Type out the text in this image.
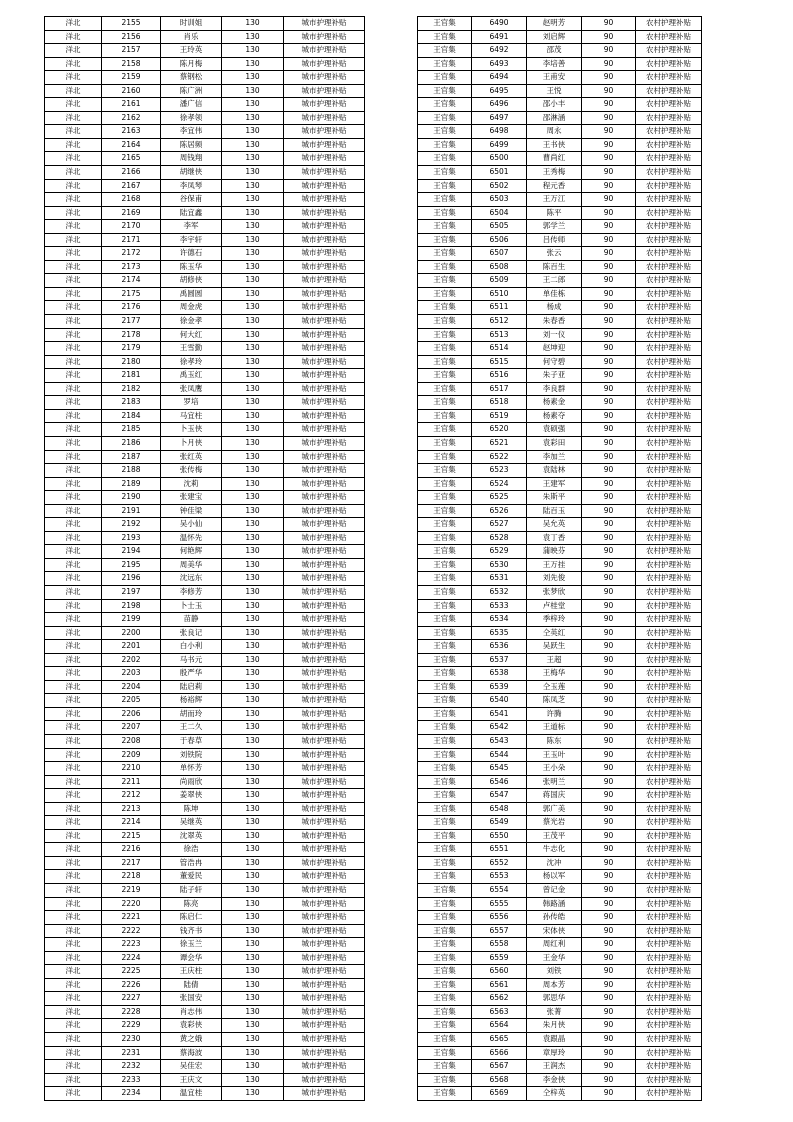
洋北	2155	时训姐	130	城市护理补贴
洋北	2156	肖乐	130	城市护理补贴
洋北	2157	王玲英	130	城市护理补贴
洋北	2158	陈月梅	130	城市护理补贴
洋北	2159	蔡钢松	130	城市护理补贴
洋北	2160	陈广洲	130	城市护理补贴
洋北	2161	潘广信	130	城市护理补贴
洋北	2162	徐孝领	130	城市护理补贴
洋北	2163	李宜伟	130	城市护理补贴
洋北	2164	陈居频	130	城市护理补贴
洋北	2165	周钱翔	130	城市护理补贴
洋北	2166	胡继侠	130	城市护理补贴
洋北	2167	李凤琴	130	城市护理补贴
洋北	2168	谷保甫	130	城市护理补贴
洋北	2169	陆宜鑫	130	城市护理补贴
洋北	2170	李军	130	城市护理补贴
洋北	2171	李宇轩	130	城市护理补贴
洋北	2172	许德石	130	城市护理补贴
洋北	2173	陈玉华	130	城市护理补贴
洋北	2174	胡修侠	130	城市护理补贴
洋北	2175	禹圆圆	130	城市护理补贴
洋北	2176	周金虎	130	城市护理补贴
洋北	2177	徐金孝	130	城市护理补贴
洋北	2178	何大红	130	城市护理补贴
洋北	2179	王雪勤	130	城市护理补贴
洋北	2180	徐孝玲	130	城市护理补贴
洋北	2181	禹玉红	130	城市护理补贴
洋北	2182	张凤鹰	130	城市护理补贴
洋北	2183	罗培	130	城市护理补贴
洋北	2184	马宜柱	130	城市护理补贴
洋北	2185	卜玉侠	130	城市护理补贴
洋北	2186	卜月侠	130	城市护理补贴
洋北	2187	张红英	130	城市护理补贴
洋北	2188	张传梅	130	城市护理补贴
洋北	2189	沈莉	130	城市护理补贴
洋北	2190	张建宝	130	城市护理补贴
洋北	2191	钟佳梁	130	城市护理补贴
洋北	2192	吴小仙	130	城市护理补贴
洋北	2193	温怀先	130	城市护理补贴
洋北	2194	何艳辉	130	城市护理补贴
洋北	2195	周美华	130	城市护理补贴
洋北	2196	沈远东	130	城市护理补贴
洋北	2197	李修芳	130	城市护理补贴
洋北	2198	卜士玉	130	城市护理补贴
洋北	2199	苗静	130	城市护理补贴
洋北	2200	张良记	130	城市护理补贴
洋北	2201	白小利	130	城市护理补贴
洋北	2202	马书元	130	城市护理补贴
洋北	2203	殷严华	130	城市护理补贴
洋北	2204	陆启莉	130	城市护理补贴
洋北	2205	杨裕辉	130	城市护理补贴
洋北	2206	胡而玲	130	城市护理补贴
洋北	2207	王二久	130	城市护理补贴
洋北	2208	于春草	130	城市护理补贴
洋北	2209	刘铁院	130	城市护理补贴
洋北	2210	单怀芳	130	城市护理补贴
洋北	2211	尚雨欣	130	城市护理补贴
洋北	2212	姜翠侠	130	城市护理补贴
洋北	2213	陈坤	130	城市护理补贴
洋北	2214	吴继英	130	城市护理补贴
洋北	2215	沈翠英	130	城市护理补贴
洋北	2216	徐浩	130	城市护理补贴
洋北	2217	管浩冉	130	城市护理补贴
洋北	2218	董爱民	130	城市护理补贴
洋北	2219	陆子轩	130	城市护理补贴
洋北	2220	陈亮	130	城市护理补贴
洋北	2221	陈启仁	130	城市护理补贴
洋北	2222	钱齐书	130	城市护理补贴
洋北	2223	徐玉兰	130	城市护理补贴
洋北	2224	谭会华	130	城市护理补贴
洋北	2225	王庆柱	130	城市护理补贴
洋北	2226	陆倩	130	城市护理补贴
洋北	2227	张国安	130	城市护理补贴
洋北	2228	肖志伟	130	城市护理补贴
洋北	2229	袁彩侠	130	城市护理补贴
洋北	2230	黄之娥	130	城市护理补贴
洋北	2231	蔡海波	130	城市护理补贴
洋北	2232	吴佳宏	130	城市护理补贴
洋北	2233	王庆文	130	城市护理补贴
洋北	2234	温宜桂	130	城市护理补贴
王官集	6490	赵明芳	90	农村护理补贴
王官集	6491	刘启辉	90	农村护理补贴
王官集	6492	邵茂	90	农村护理补贴
王官集	6493	李培善	90	农村护理补贴
王官集	6494	王甫安	90	农村护理补贴
王官集	6495	王悦	90	农村护理补贴
王官集	6496	邵小丰	90	农村护理补贴
王官集	6497	邵淋涵	90	农村护理补贴
王官集	6498	周永	90	农村护理补贴
王官集	6499	王书侠	90	农村护理补贴
王官集	6500	曹尚红	90	农村护理补贴
王官集	6501	王秀梅	90	农村护理补贴
王官集	6502	程元香	90	农村护理补贴
王官集	6503	王万江	90	农村护理补贴
王官集	6504	陈平	90	农村护理补贴
王官集	6505	郭学兰	90	农村护理补贴
王官集	6506	吕传师	90	农村护理补贴
王官集	6507	张云	90	农村护理补贴
王官集	6508	陈百生	90	农村护理补贴
王官集	6509	王二郎	90	农村护理补贴
王官集	6510	单佳栋	90	农村护理补贴
王官集	6511	杨成	90	农村护理补贴
王官集	6512	朱春香	90	农村护理补贴
王官集	6513	刘一仪	90	农村护理补贴
王官集	6514	赵坤迎	90	农村护理补贴
王官集	6515	何守碧	90	农村护理补贴
王官集	6516	朱子亚	90	农村护理补贴
王官集	6517	李良群	90	农村护理补贴
王官集	6518	杨素金	90	农村护理补贴
王官集	6519	杨素夺	90	农村护理补贴
王官集	6520	袁硕强	90	农村护理补贴
王官集	6521	袁彩田	90	农村护理补贴
王官集	6522	李加兰	90	农村护理补贴
王官集	6523	袁陆林	90	农村护理补贴
王官集	6524	王建军	90	农村护理补贴
王官集	6525	朱斯平	90	农村护理补贴
王官集	6526	陆百玉	90	农村护理补贴
王官集	6527	吴允英	90	农村护理补贴
王官集	6528	袁丁香	90	农村护理补贴
王官集	6529	蒲映芬	90	农村护理补贴
王官集	6530	王万挂	90	农村护理补贴
王官集	6531	刘先俊	90	农村护理补贴
王官集	6532	张梦欣	90	农村护理补贴
王官集	6533	卢桂堂	90	农村护理补贴
王官集	6534	季梓玲	90	农村护理补贴
王官集	6535	仝英红	90	农村护理补贴
王官集	6536	吴跃生	90	农村护理补贴
王官集	6537	王超	90	农村护理补贴
王官集	6538	王梅华	90	农村护理补贴
王官集	6539	仝玉莲	90	农村护理补贴
王官集	6540	陈凤芝	90	农村护理补贴
王官集	6541	许腾	90	农村护理补贴
王官集	6542	王道标	90	农村护理补贴
王官集	6543	陈东	90	农村护理补贴
王官集	6544	王玉叶	90	农村护理补贴
王官集	6545	王小朵	90	农村护理补贴
王官集	6546	张明兰	90	农村护理补贴
王官集	6547	蒋国庆	90	农村护理补贴
王官集	6548	郭广美	90	农村护理补贴
王官集	6549	蔡光岩	90	农村护理补贴
王官集	6550	王茂平	90	农村护理补贴
王官集	6551	牛志化	90	农村护理补贴
王官集	6552	沈冲	90	农村护理补贴
王官集	6553	杨以军	90	农村护理补贴
王官集	6554	曾记金	90	农村护理补贴
王官集	6555	韩路涵	90	农村护理补贴
王官集	6556	孙传皓	90	农村护理补贴
王官集	6557	宋体侠	90	农村护理补贴
王官集	6558	周红利	90	农村护理补贴
王官集	6559	王金华	90	农村护理补贴
王官集	6560	刘铁	90	农村护理补贴
王官集	6561	周本芳	90	农村护理补贴
王官集	6562	郭思华	90	农村护理补贴
王官集	6563	张菁	90	农村护理补贴
王官集	6564	朱月侠	90	农村护理补贴
王官集	6565	袁跟晶	90	农村护理补贴
王官集	6566	章厚玲	90	农村护理补贴
王官集	6567	王润杰	90	农村护理补贴
王官集	6568	李金侠	90	农村护理补贴
王官集	6569	仝梓英	90	农村护理补贴
